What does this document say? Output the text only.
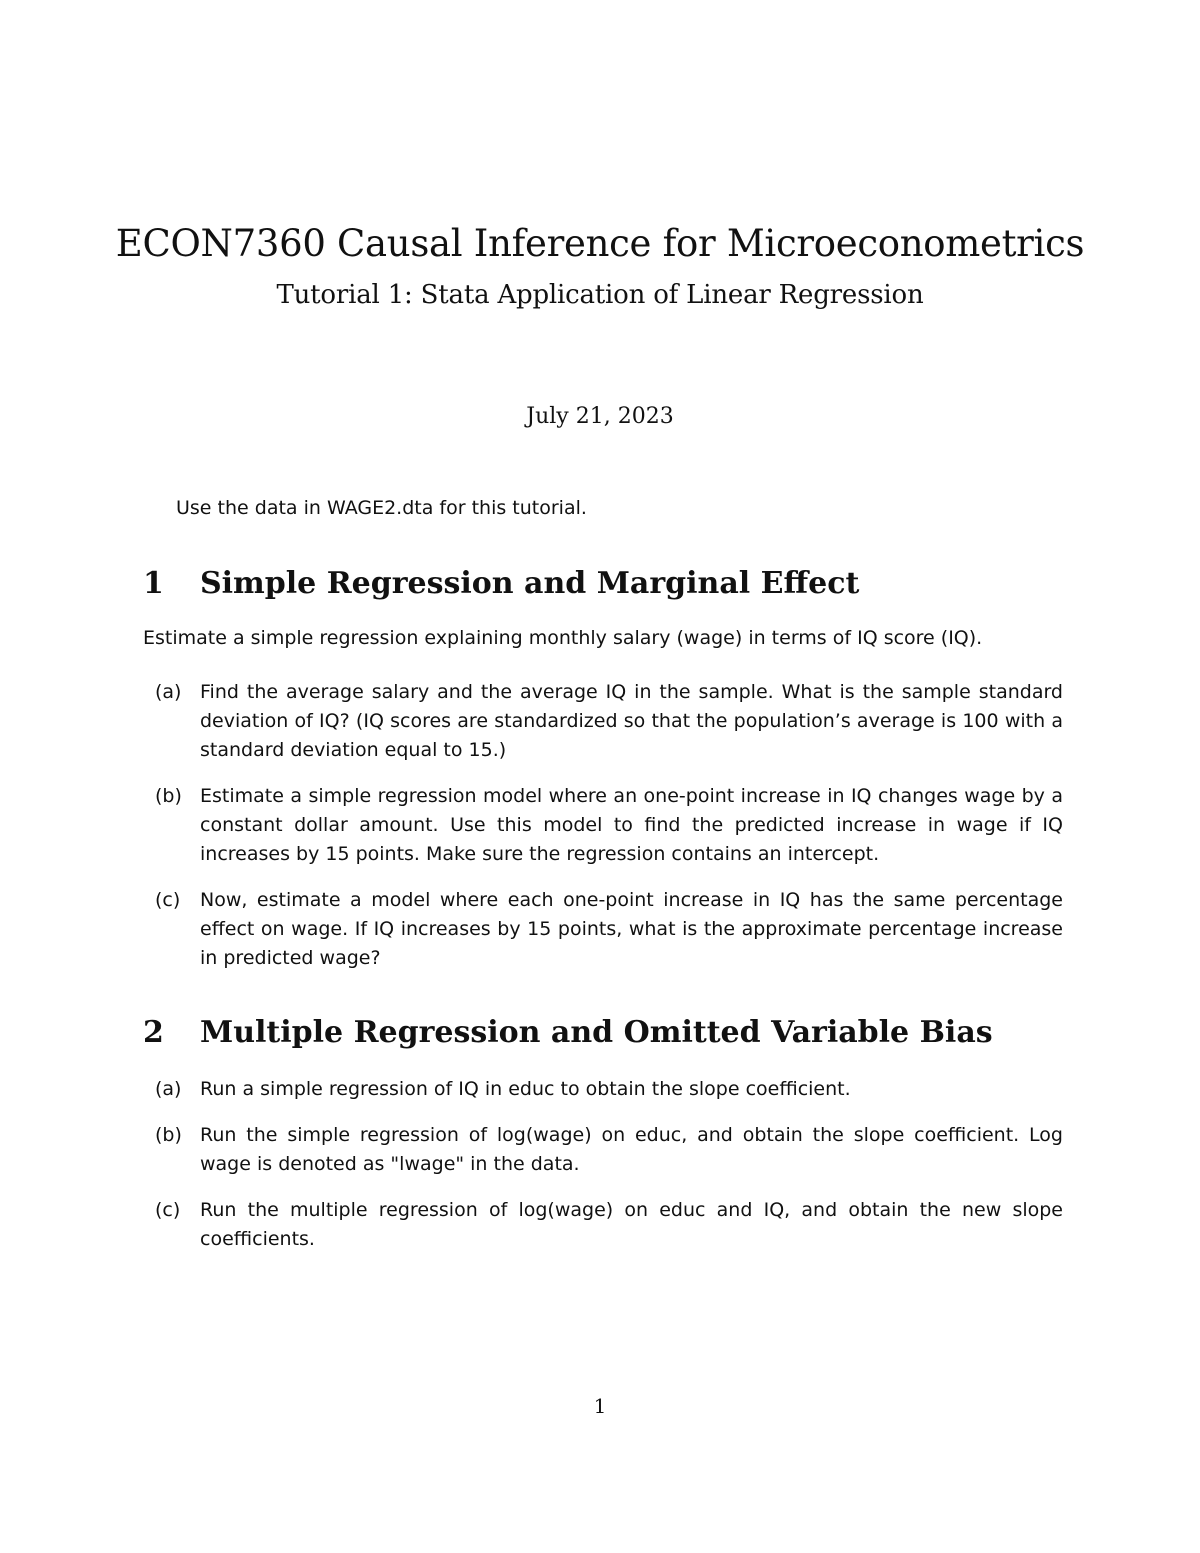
ECON7360 Causal Inference for Microeconometrics
Tutorial 1: Stata Application of Linear Regression
July 21, 2023
Use the data in WAGE2.dta for this tutorial.
1 Simple Regression and Marginal Effect
Estimate a simple regression explaining monthly salary (wage) in terms of IQ score (IQ).
(a) Find the average salary and the average IQ in the sample. What is the sample standard deviation of IQ? (IQ scores are standardized so that the population’s average is 100 with a standard deviation equal to 15.)
(b) Estimate a simple regression model where an one-point increase in IQ changes wage by a constant dollar amount. Use this model to find the predicted increase in wage if IQ increases by 15 points. Make sure the regression contains an intercept.
(c) Now, estimate a model where each one-point increase in IQ has the same percentage effect on wage. If IQ increases by 15 points, what is the approximate percentage increase in predicted wage?
2 Multiple Regression and Omitted Variable Bias
(a) Run a simple regression of IQ in educ to obtain the slope coefficient.
(b) Run the simple regression of log(wage) on educ, and obtain the slope coefficient. Log wage is denoted as "lwage" in the data.
(c) Run the multiple regression of log(wage) on educ and IQ, and obtain the new slope coefficients.
1
